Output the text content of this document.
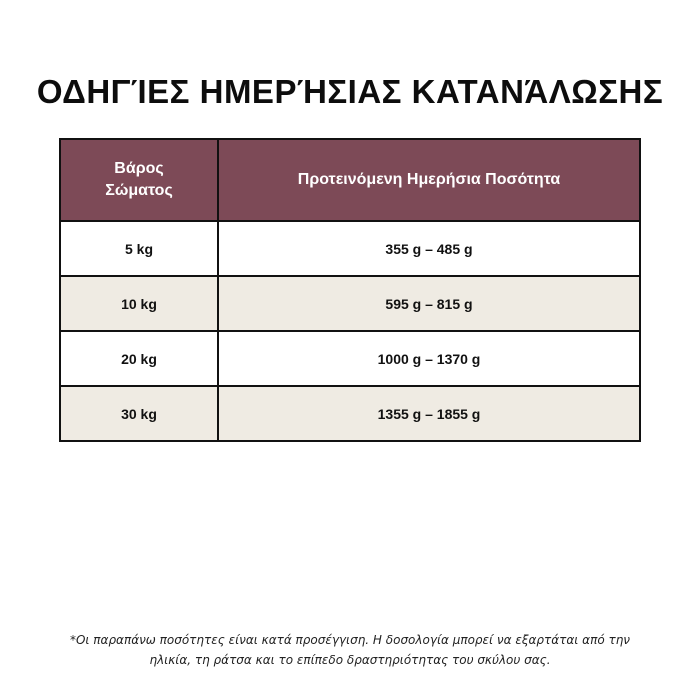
ΟΔΗΓΊΕΣ ΗΜΕΡΉΣΙΑΣ ΚΑΤΑΝΆΛΩΣΗΣ
Βάρος
Σώματος	Προτεινόμενη Ημερήσια Ποσότητα
5 kg	355 g – 485 g
10 kg	595 g – 815 g
20 kg	1000 g – 1370 g
30 kg	1355 g – 1855 g
*Οι παραπάνω ποσότητες είναι κατά προσέγγιση. Η δοσολογία μπορεί να εξαρτάται από την
ηλικία, τη ράτσα και το επίπεδο δραστηριότητας του σκύλου σας.
